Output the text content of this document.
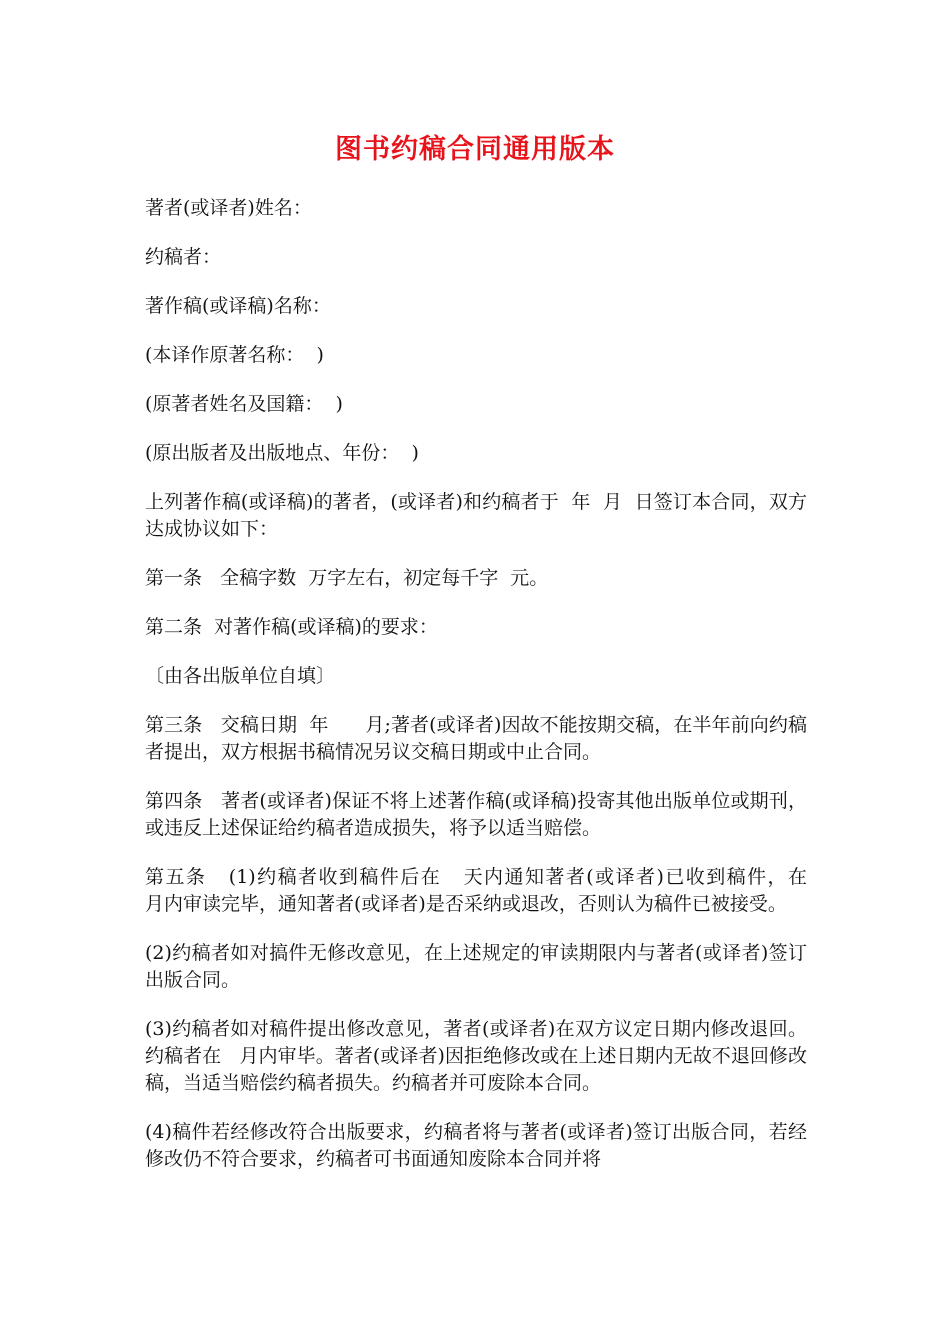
图书约稿合同通用版本

著者(或译者)姓名：

约稿者：

著作稿(或译稿)名称：

(本译作原著名称：  )

(原著者姓名及国籍：  )

(原出版者及出版地点、年份：  )

上列著作稿(或译稿)的著者，(或译者)和约稿者于  年  月  日签订本合同，双方达成协议如下：

第一条   全稿字数  万字左右，初定每千字  元。

第二条  对著作稿(或译稿)的要求：

〔由各出版单位自填〕

第三条   交稿日期  年      月;著者(或译者)因故不能按期交稿，在半年前向约稿者提出，双方根据书稿情况另议交稿日期或中止合同。

第四条   著者(或译者)保证不将上述著作稿(或译稿)投寄其他出版单位或期刊，或违反上述保证给约稿者造成损失，将予以适当赔偿。

第五条   (1)约稿者收到稿件后在   天内通知著者(或译者)已收到稿件，在      月内审读完毕，通知著者(或译者)是否采纳或退改，否则认为稿件已被接受。

(2)约稿者如对搞件无修改意见，在上述规定的审读期限内与著者(或译者)签订出版合同。

(3)约稿者如对稿件提出修改意见，著者(或译者)在双方议定日期内修改退回。约稿者在   月内审毕。著者(或译者)因拒绝修改或在上述日期内无故不退回修改稿，当适当赔偿约稿者损失。约稿者并可废除本合同。

(4)稿件若经修改符合出版要求，约稿者将与著者(或译者)签订出版合同，若经修改仍不符合要求，约稿者可书面通知废除本合同并将
